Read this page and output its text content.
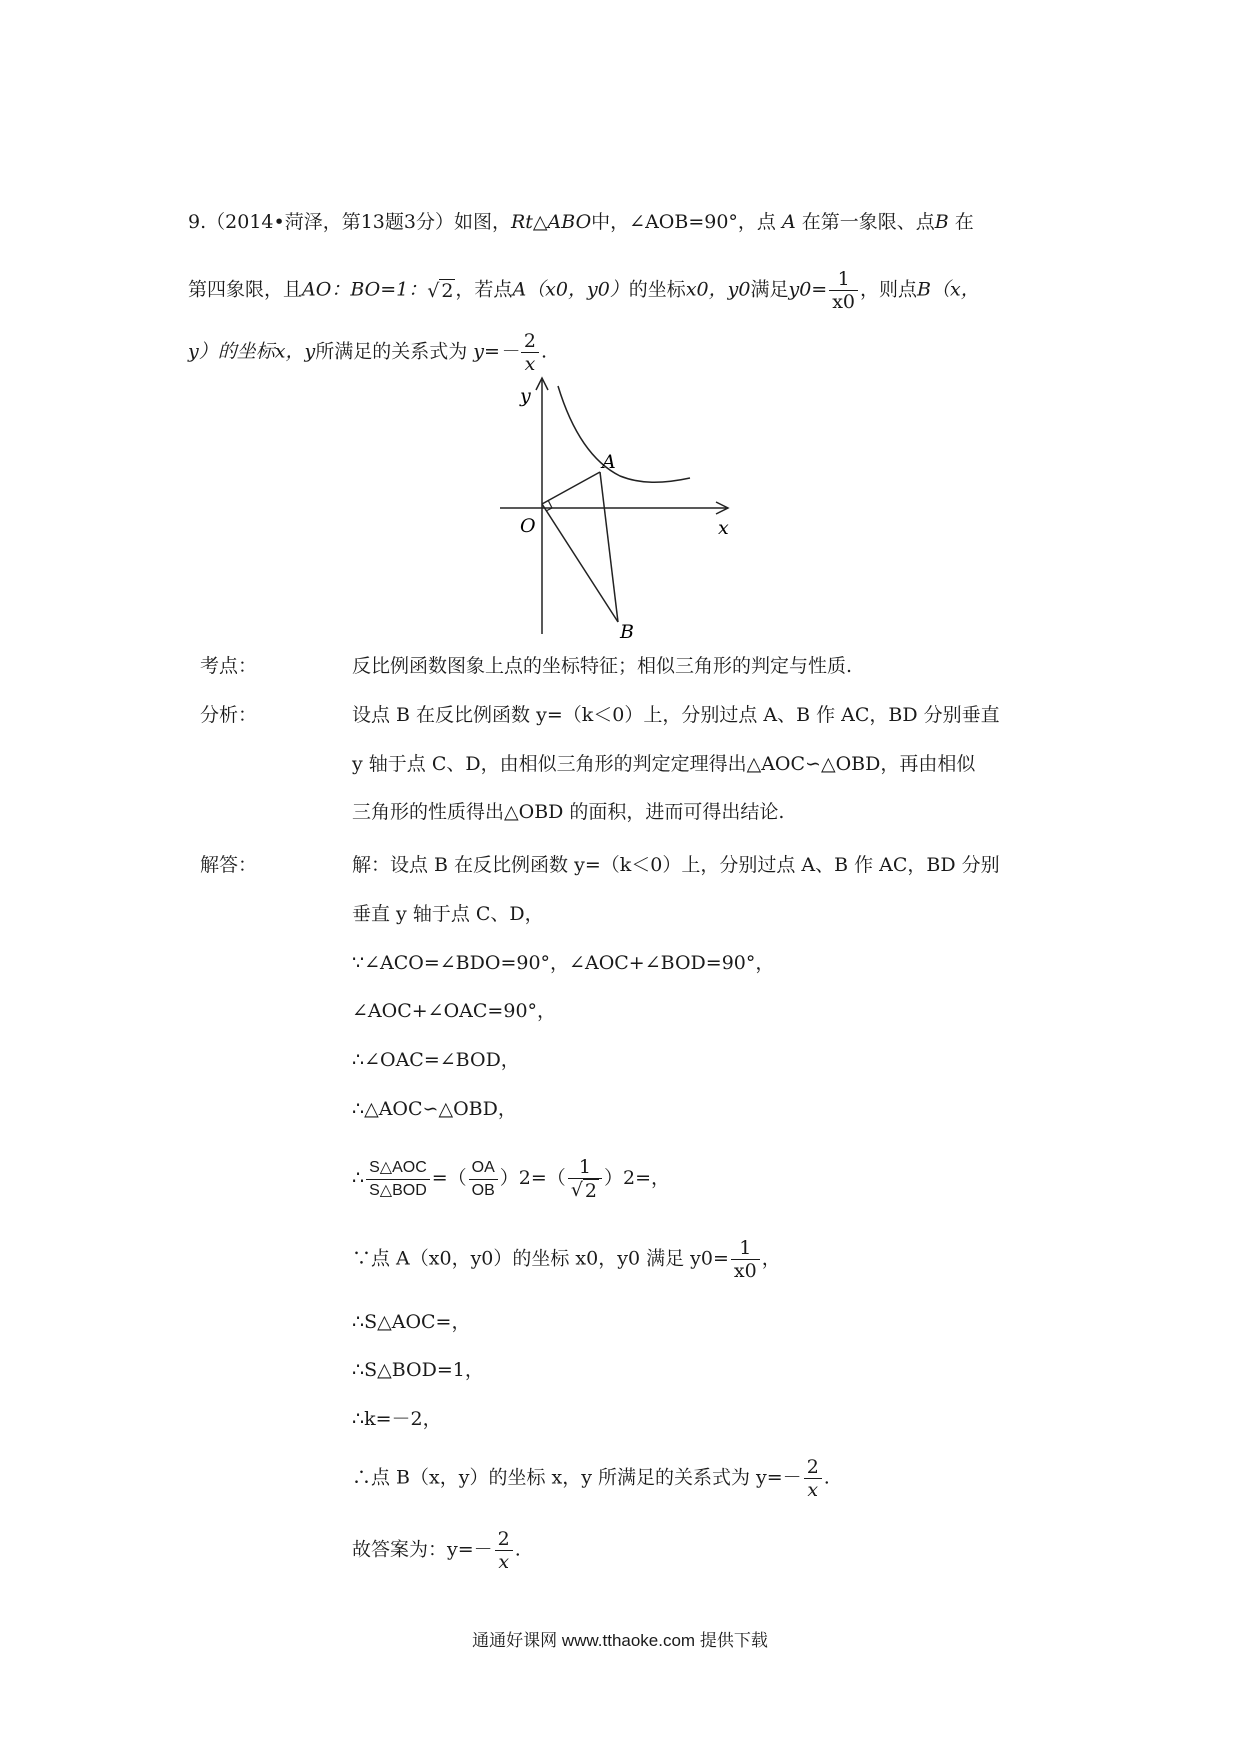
9.（2014•菏泽，第13题3分）如图，Rt△ABO中，∠AOB=90°，点 A 在第一象限、点B 在
第四象限，且AO：BO=1：√ 2 ，若点A（x0，y0）的坐标x0，y0满足$y0= \frac{1}{x0}$ ，则点B（x，
y）的坐标x，y所满足的关系式为 $y=- \frac{2}{x}$ .
y
x
O
A
B
考点：	反比例函数图象上点的坐标特征；相似三角形的判定与性质.
分析：	设点 B 在反比例函数 y=（k＜0）上，分别过点 A、B 作 AC，BD 分别垂直
y 轴于点 C、D，由相似三角形的判定定理得出△AOC∽△OBD，再由相似
三角形的性质得出△OBD 的面积，进而可得出结论.
解答：	解：设点 B 在反比例函数 y=（k＜0）上，分别过点 A、B 作 AC，BD 分别
垂直 y 轴于点 C、D，
∵∠ACO=∠BDO=90°，∠AOC+∠BOD=90°，
∠AOC+∠OAC=90°，
∴∠OAC=∠BOD，
∴△AOC∽△OBD，
∴ $\frac{\text{S△AOC}}{\text{S△BOD}}$ =（ $\frac{OA}{OB} )2=( \frac{1}{√ 2} )2=$，
∵点 A（x0，y0）的坐标 x0，y0 满足 $y0= \frac{1}{x0}$ ，
∴S△AOC=，
∴S△BOD=1，
∴k=－2，
∴点 B（x，y）的坐标 x，y 所满足的关系式为 $y=- \frac{2}{x}$ .
故答案为：$y=- \frac{2}{x}$ .
通通好课网 www.tthaoke.com 提供下载
